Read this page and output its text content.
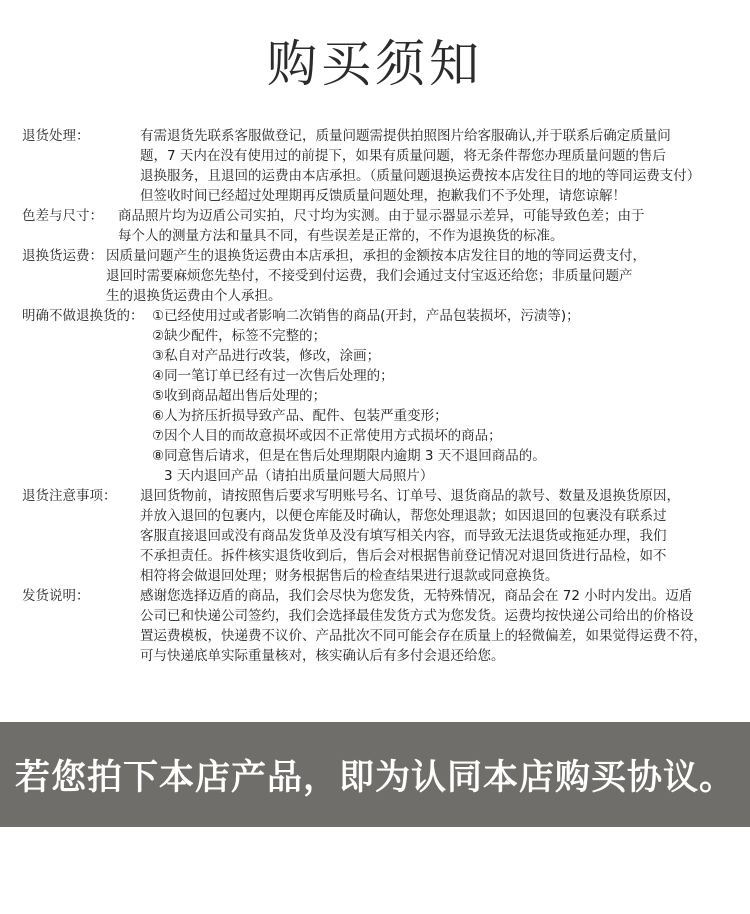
购买须知
退货处理：	有需退货先联系客服做登记，质量问题需提供拍照图片给客服确认,并于联系后确定质量问
题，7 天内在没有使用过的前提下，如果有质量问题，将无条件帮您办理质量问题的售后
退换服务，且退回的运费由本店承担。（质量问题退换运费按本店发往目的地的等同运费支付）
但签收时间已经超过处理期再反馈质量问题处理，抱歉我们不予处理，请您谅解！
色差与尺寸：	商品照片均为迈盾公司实拍，尺寸均为实测。由于显示器显示差异，可能导致色差；由于
每个人的测量方法和量具不同，有些误差是正常的，不作为退换货的标准。
退换货运费： 因质量问题产生的退换货运费由本店承担，承担的金额按本店发往目的地的等同运费支付，
退回时需要麻烦您先垫付，不接受到付运费，我们会通过支付宝返还给您；非质量问题产
生的退换货运费由个人承担。
明确不做退换货的： ①已经使用过或者影响二次销售的商品(开封，产品包装损坏，污渍等)；
②缺少配件，标签不完整的；
③私自对产品进行改装，修改，涂画；
④同一笔订单已经有过一次售后处理的；
⑤收到商品超出售后处理的；
⑥人为挤压折损导致产品、配件、包装严重变形；
⑦因个人目的而故意损坏或因不正常使用方式损坏的商品；
⑧同意售后请求，但是在售后处理期限内逾期 3 天不退回商品的。
3 天内退回产品（请拍出质量问题大局照片）
退货注意事项：	退回货物前，请按照售后要求写明账号名、订单号、退货商品的款号、数量及退换货原因，
并放入退回的包裹内，以便仓库能及时确认，帮您处理退款；如因退回的包裹没有联系过
客服直接退回或没有商品发货单及没有填写相关内容，而导致无法退货或拖延办理，我们
不承担责任。拆件核实退货收到后，售后会对根据售前登记情况对退回货进行品检，如不
相符将会做退回处理；财务根据售后的检查结果进行退款或同意换货。
发货说明：	感谢您选择迈盾的商品，我们会尽快为您发货，无特殊情况，商品会在 72 小时内发出。迈盾
公司已和快递公司签约，我们会选择最佳发货方式为您发货。运费均按快递公司给出的价格设
置运费模板，快递费不议价、产品批次不同可能会存在质量上的轻微偏差，如果觉得运费不符，
可与快递底单实际重量核对，核实确认后有多付会退还给您。
若您拍下本店产品，即为认同本店购买协议。
